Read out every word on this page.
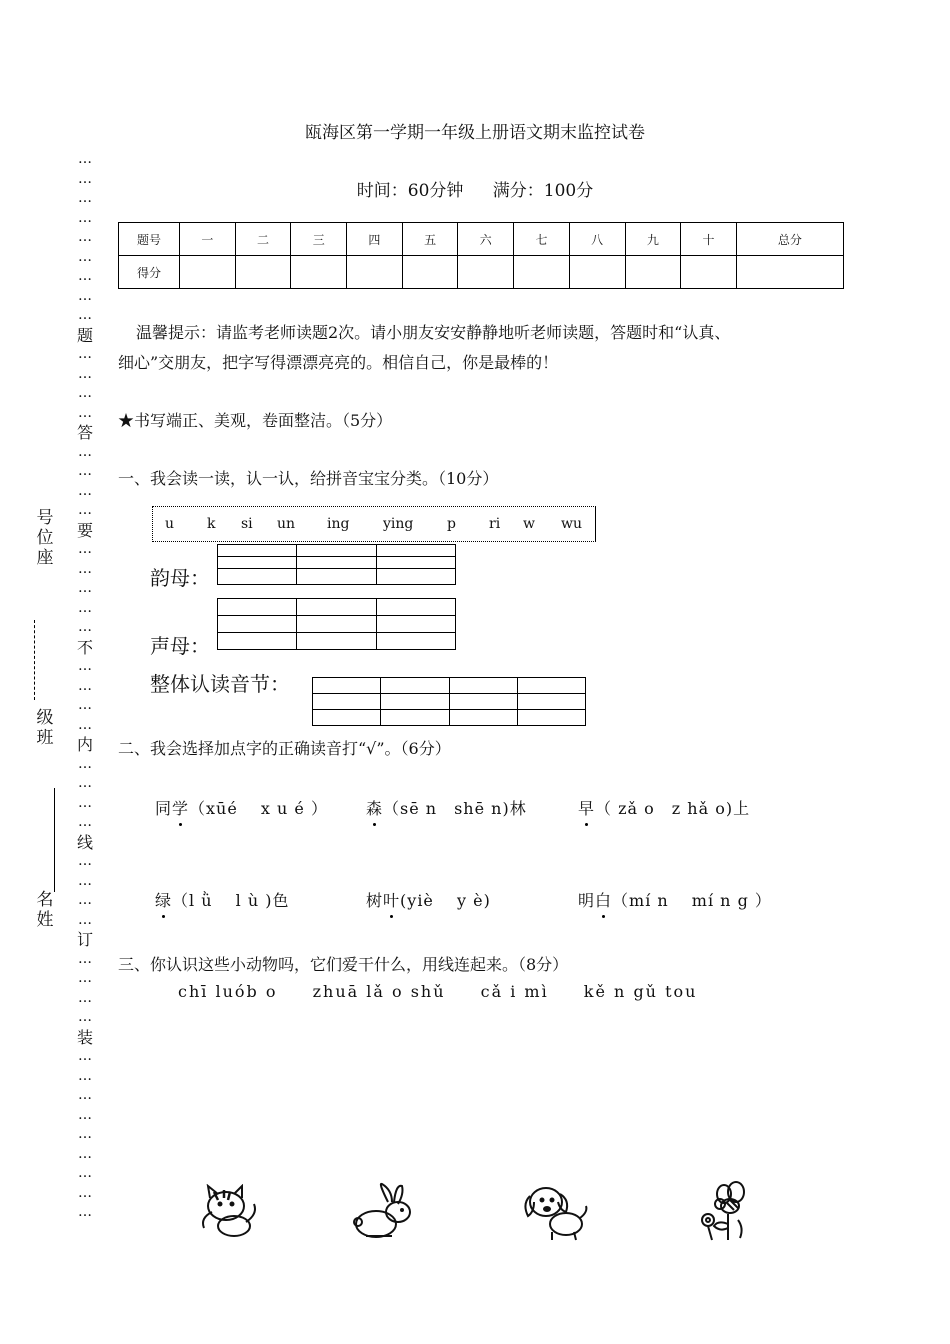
…
…
…
…
…
…
…
…
…
题
…
…
…
…
答
…
…
…
…
要
…
…
…
…
…
不
…
…
…
…
内
…
…
…
…
线
…
…
…
…
订
…
…
…
…
装
…
…
…
…
…
…
…
…
…
号
位
座
级
班
名
姓
瓯海区第一学期一年级上册语文期末监控试卷
时间：60分钟 满分：100分
题号	一	二	三	四	五	六	七	八	九	十	总分
得分											
温馨提示：请监考老师读题2次。请小朋友安安静静地听老师读题，答题时和“认真、
细心”交朋友，把字写得漂漂亮亮的。相信自己，你是最棒的！
★书写端正、美观，卷面整洁。（5分）
一、我会读一读，认一认，给拼音宝宝分类。（10分）
u k si un ing ying p ri w wu

韵母：

声母：
整体认读音节：

二、我会选择加点字的正确读音打“√”。（6分）
同学（xūé　 x u é ） 森（sē n　shē n)林	早（ zǎ o　z hǎ o)上
绿（l ǜ　 l ù )色	树叶(yiè　 y è)	明白（mí n　 mí n g ）
三、你认识这些小动物吗，它们爱干什么，用线连起来。（8分）
chī luób o zhuā lǎ o shǔ cǎ i mì kě n gǔ tou
